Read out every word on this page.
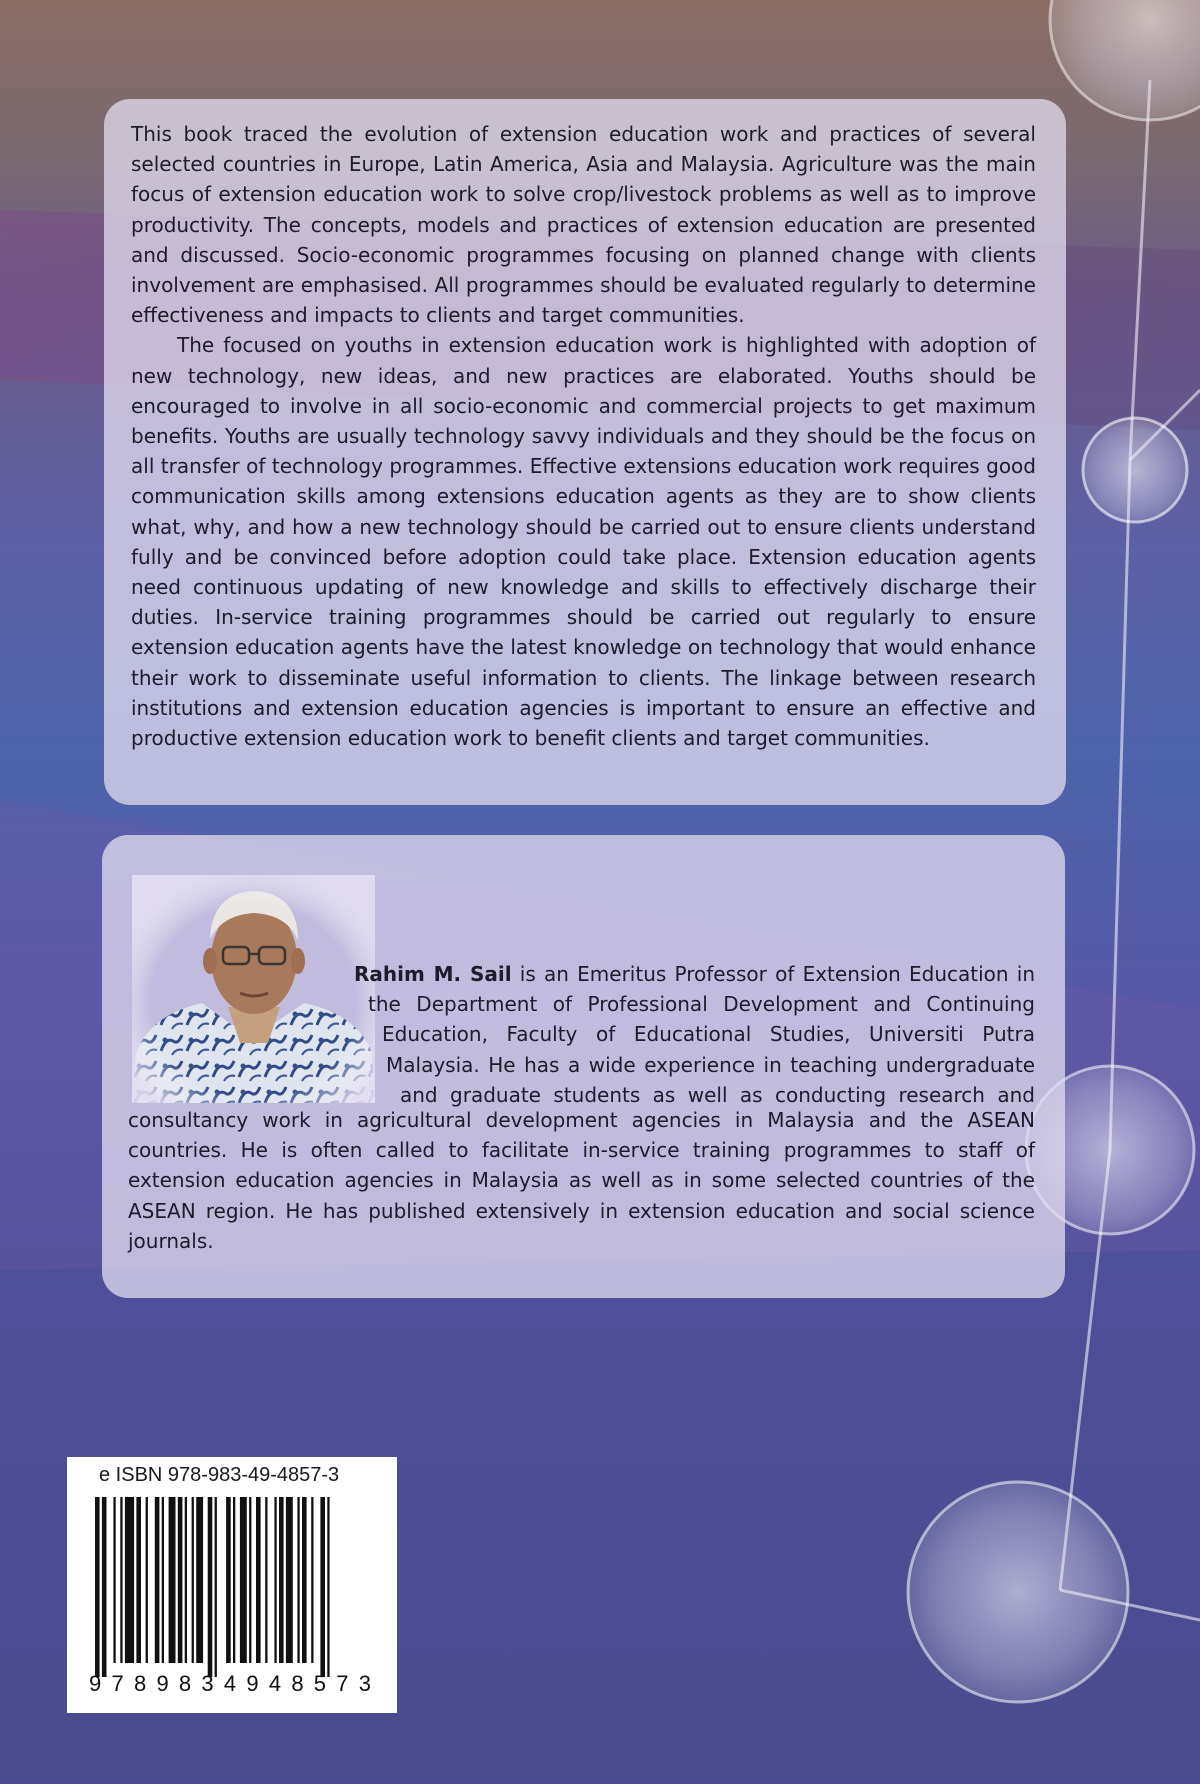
This book traced the evolution of extension education work and practices of several selected countries in Europe, Latin America, Asia and Malaysia. Agriculture was the main focus of extension education work to solve crop/livestock problems as well as to improve productivity. The concepts, models and practices of extension education are presented and discussed. Socio-economic programmes focusing on planned change with clients involvement are emphasised. All programmes should be evaluated regularly to determine effectiveness and impacts to clients and target communities.

The focused on youths in extension education work is highlighted with adoption of new technology, new ideas, and new practices are elaborated. Youths should be encouraged to involve in all socio-economic and commercial projects to get maximum benefits. Youths are usually technology savvy individuals and they should be the focus on all transfer of technology programmes. Effective extensions education work requires good communication skills among extensions education agents as they are to show clients what, why, and how a new technology should be carried out to ensure clients understand fully and be convinced before adoption could take place. Extension education agents need continuous updating of new knowledge and skills to effectively discharge their duties. In-service training programmes should be carried out regularly to ensure extension education agents have the latest knowledge on technology that would enhance their work to disseminate useful information to clients. The linkage between research institutions and extension education agencies is important to ensure an effective and productive extension education work to benefit clients and target communities.

Rahim M. Sail is an Emeritus Professor of Extension Education in
the Department of Professional Development and Continuing
Education, Faculty of Educational Studies, Universiti Putra
Malaysia. He has a wide experience in teaching undergraduate
and graduate students as well as conducting research and

consultancy work in agricultural development agencies in Malaysia and the ASEAN countries. He is often called to facilitate in-service training programmes to staff of extension education agencies in Malaysia as well as in some selected countries of the ASEAN region. He has published extensively in extension education and social science journals.

e ISBN 978-983-49-4857-3

9789834948573
